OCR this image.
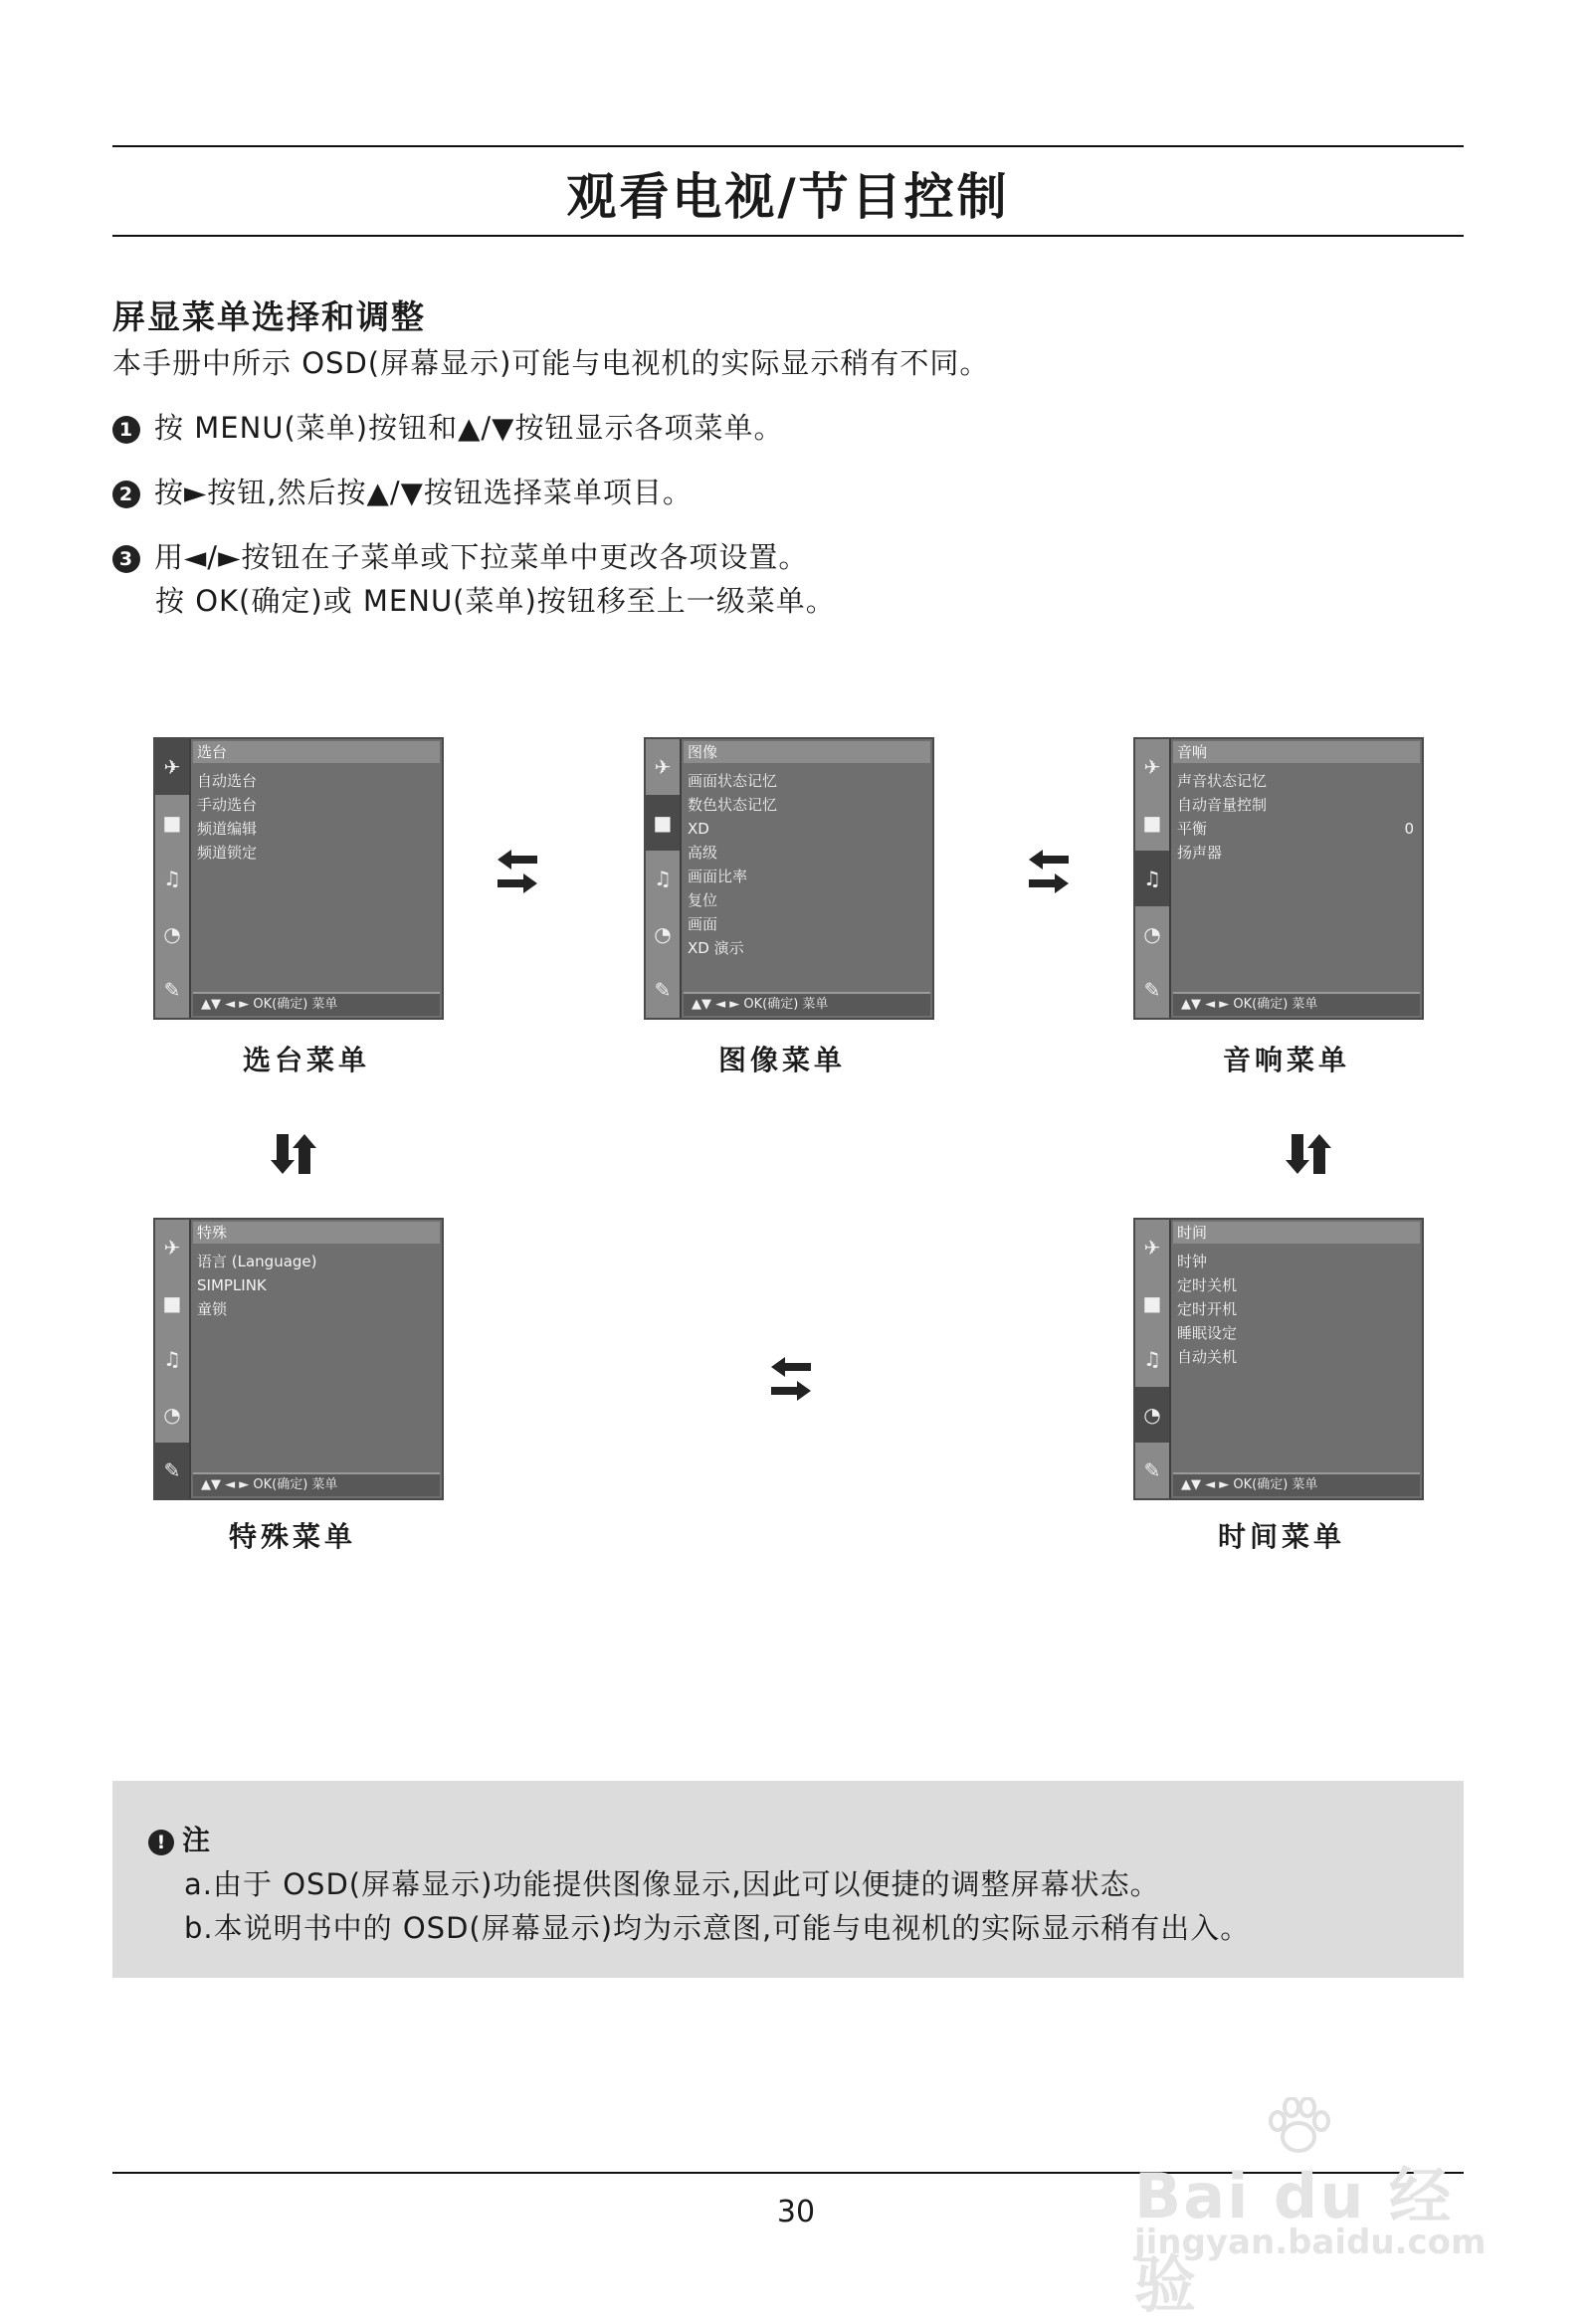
观看电视/节目控制
屏显菜单选择和调整
本手册中所示 OSD(屏幕显示)可能与电视机的实际显示稍有不同。
1 按 MENU(菜单)按钮和▲/▼按钮显示各项菜单。
2 按►按钮,然后按▲/▼按钮选择菜单项目。
3 用◄/►按钮在子菜单或下拉菜单中更改各项设置。
按 OK(确定)或 MENU(菜单)按钮移至上一级菜单。
✈
■
♫
◔
✎
选台
自动选台
手动选台
频道编辑
频道锁定
▲▼ ◄ ► OK(确定) 菜单
选台菜单
✈
■
♫
◔
✎
图像
画面状态记忆
数色状态记忆
XD
高级
画面比率
复位
画面
XD 演示
▲▼ ◄ ► OK(确定) 菜单
图像菜单
✈
■
♫
◔
✎
音响
声音状态记忆
自动音量控制
平衡	0
扬声器
▲▼ ◄ ► OK(确定) 菜单
音响菜单
✈
■
♫
◔
✎
特殊
语言 (Language)
SIMPLINK
童锁
▲▼ ◄ ► OK(确定) 菜单
特殊菜单
✈
■
♫
◔
✎
时间
时钟
定时关机
定时开机
睡眠设定
自动关机
▲▼ ◄ ► OK(确定) 菜单
时间菜单
! 注
a.由于 OSD(屏幕显示)功能提供图像显示,因此可以便捷的调整屏幕状态。
b.本说明书中的 OSD(屏幕显示)均为示意图,可能与电视机的实际显示稍有出入。
30	Bai du 经验
jingyan.baidu.com
